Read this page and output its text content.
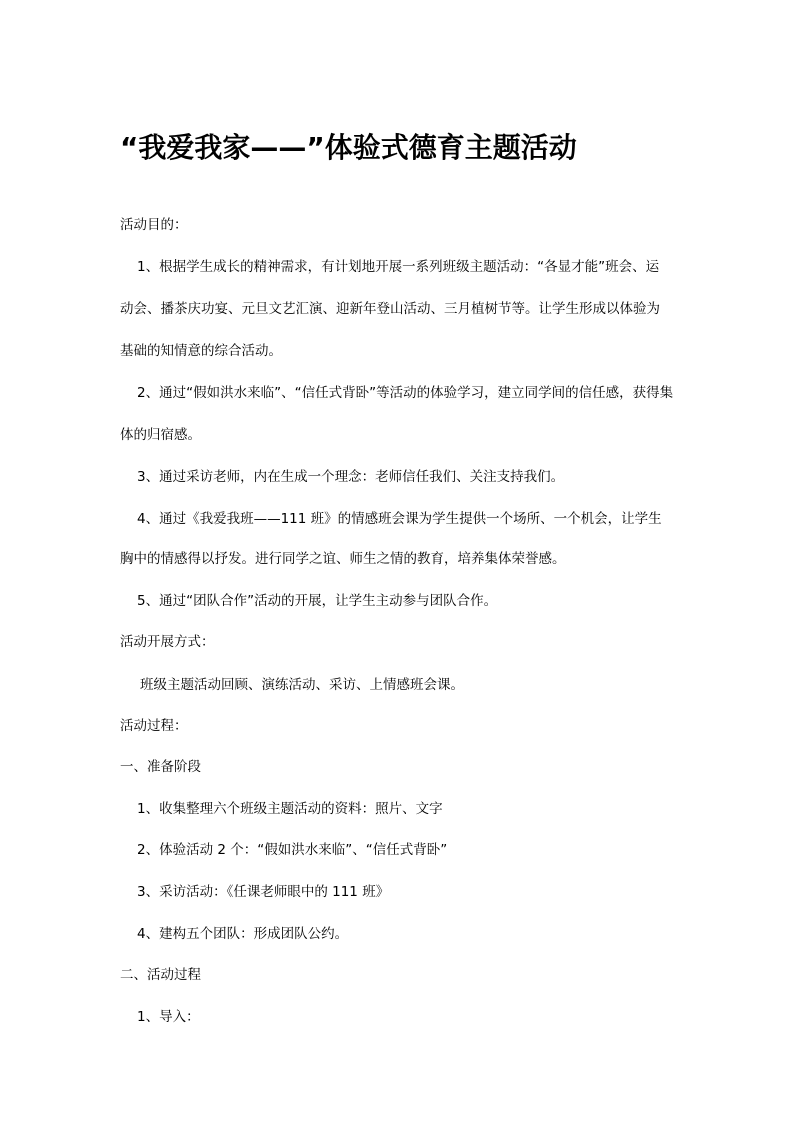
“我爱我家——”体验式德育主题活动
活动目的：
1、根据学生成长的精神需求，有计划地开展一系列班级主题活动：“各显才能”班会、运
动会、播茶庆功宴、元旦文艺汇演、迎新年登山活动、三月植树节等。让学生形成以体验为
基础的知情意的综合活动。
2、通过“假如洪水来临”、“信任式背卧”等活动的体验学习，建立同学间的信任感，获得集
体的归宿感。
3、通过采访老师，内在生成一个理念：老师信任我们、关注支持我们。
4、通过《我爱我班——111 班》的情感班会课为学生提供一个场所、一个机会，让学生
胸中的情感得以抒发。进行同学之谊、师生之情的教育，培养集体荣誉感。
5、通过“团队合作”活动的开展，让学生主动参与团队合作。
活动开展方式：
班级主题活动回顾、演练活动、采访、上情感班会课。
活动过程：
一、准备阶段
1、收集整理六个班级主题活动的资料：照片、文字
2、体验活动 2 个：“假如洪水来临”、“信任式背卧”
3、采访活动：《任课老师眼中的 111 班》
4、建构五个团队：形成团队公约。
二、活动过程
1、导入：
